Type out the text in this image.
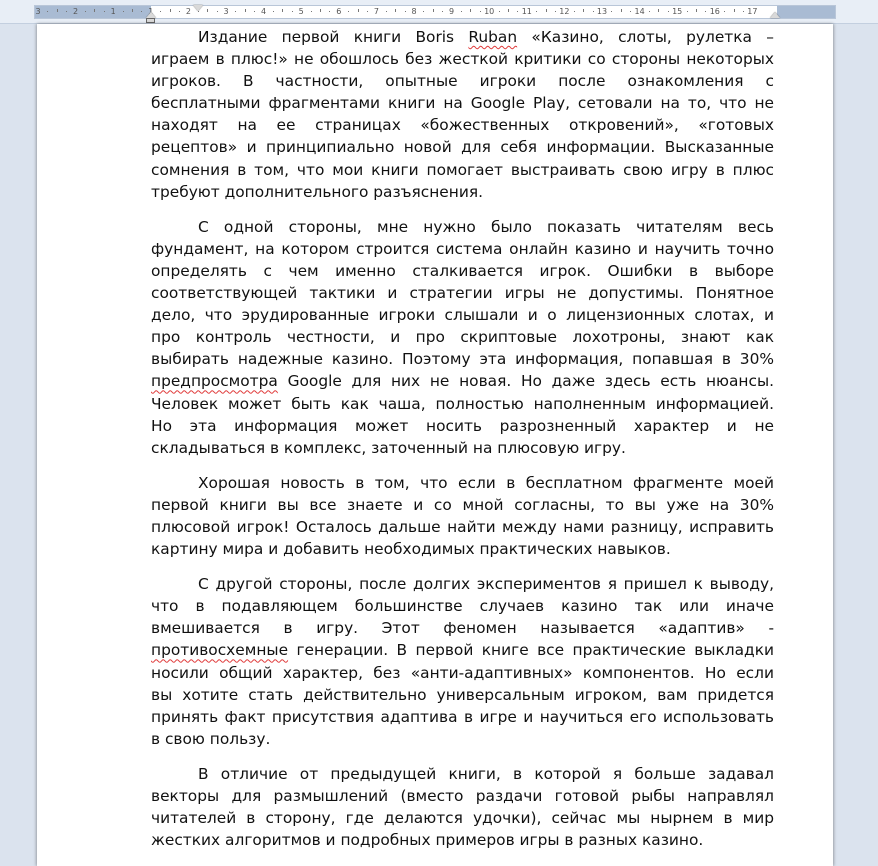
3	2	1	1	2	3	4	5	6	7	8	9	10	11	12	13	14	15	16	17
Издание первой книги Boris Ruban «Казино, слоты, рулетка –
играем в плюс!» не обошлось без жесткой критики со стороны некоторых
игроков. В частности, опытные игроки после ознакомления с
бесплатными фрагментами книги на Google Play, сетовали на то, что не
находят на ее страницах «божественных откровений», «готовых
рецептов» и принципиально новой для себя информации. Высказанные
сомнения в том, что мои книги помогает выстраивать свою игру в плюс
требуют дополнительного разъяснения.
С одной стороны, мне нужно было показать читателям весь
фундамент, на котором строится система онлайн казино и научить точно
определять с чем именно сталкивается игрок. Ошибки в выборе
соответствующей тактики и стратегии игры не допустимы. Понятное
дело, что эрудированные игроки слышали и о лицензионных слотах, и
про контроль честности, и про скриптовые лохотроны, знают как
выбирать надежные казино. Поэтому эта информация, попавшая в 30%
предпросмотра Google для них не новая. Но даже здесь есть нюансы.
Человек может быть как чаша, полностью наполненным информацией.
Но эта информация может носить разрозненный характер и не
складываться в комплекс, заточенный на плюсовую игру.
Хорошая новость в том, что если в бесплатном фрагменте моей
первой книги вы все знаете и со мной согласны, то вы уже на 30%
плюсовой игрок! Осталось дальше найти между нами разницу, исправить
картину мира и добавить необходимых практических навыков.
С другой стороны, после долгих экспериментов я пришел к выводу,
что в подавляющем большинстве случаев казино так или иначе
вмешивается в игру. Этот феномен называется «адаптив» -
противосхемные генерации. В первой книге все практические выкладки
носили общий характер, без «анти-адаптивных» компонентов. Но если
вы хотите стать действительно универсальным игроком, вам придется
принять факт присутствия адаптива в игре и научиться его использовать
в свою пользу.
В отличие от предыдущей книги, в которой я больше задавал
векторы для размышлений (вместо раздачи готовой рыбы направлял
читателей в сторону, где делаются удочки), сейчас мы нырнем в мир
жестких алгоритмов и подробных примеров игры в разных казино.
